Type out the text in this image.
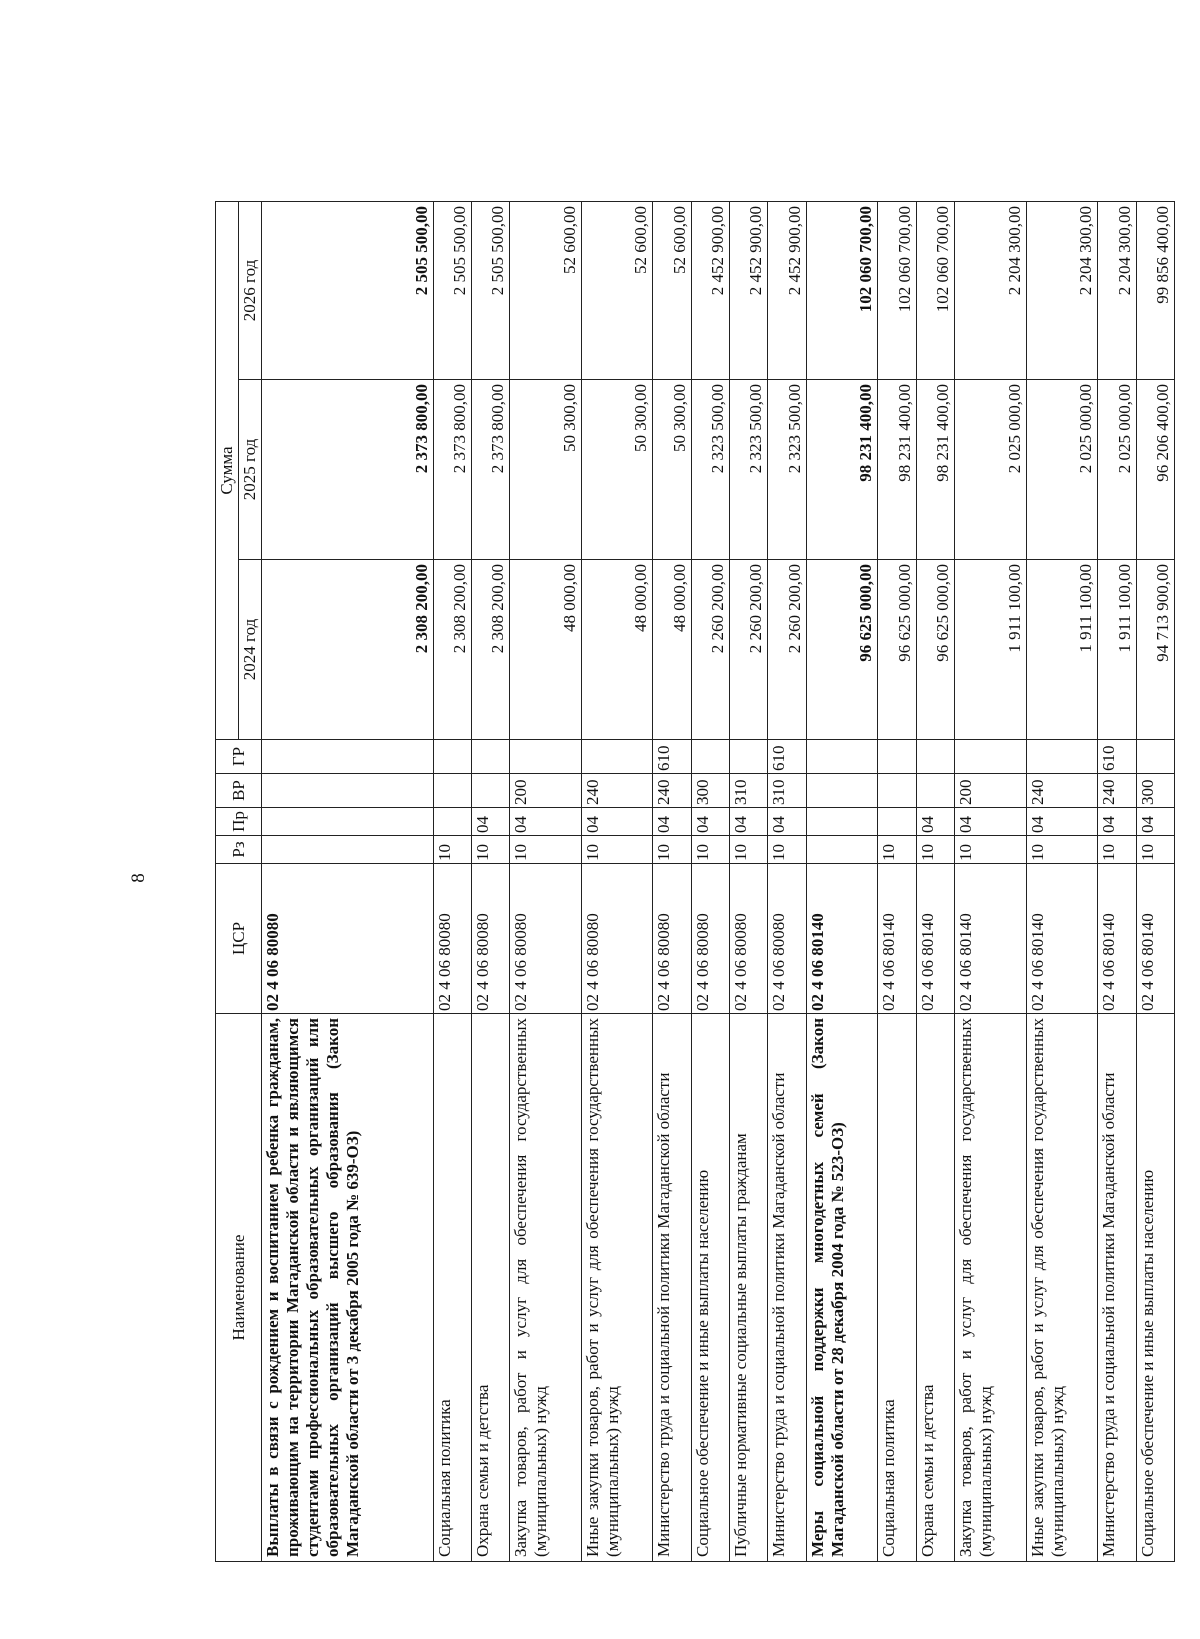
8
Наименование	ЦСР	Рз	Пр	ВР	ГР	Сумма		
						2024 год	2025 год	2026 год
Выплаты в связи с рождением и воспитанием ребенка гражданам, проживающим на территории Магаданской области и являющимся студентами профессиональных образовательных организаций или образовательных организаций высшего образования (Закон Магаданской области от 3 декабря 2005 года № 639-ОЗ)	02 4 06 80080					2 308 200,00	2 373 800,00	2 505 500,00
Социальная политика	02 4 06 80080	10				2 308 200,00	2 373 800,00	2 505 500,00
Охрана семьи и детства	02 4 06 80080	10	04			2 308 200,00	2 373 800,00	2 505 500,00
Закупка товаров, работ и услуг для обеспечения государственных (муниципальных) нужд	02 4 06 80080	10	04	200		48 000,00	50 300,00	52 600,00
Иные закупки товаров, работ и услуг для обеспечения государственных (муниципальных) нужд	02 4 06 80080	10	04	240		48 000,00	50 300,00	52 600,00
Министерство труда и социальной политики Магаданской области	02 4 06 80080	10	04	240	610	48 000,00	50 300,00	52 600,00
Социальное обеспечение и иные выплаты населению	02 4 06 80080	10	04	300		2 260 200,00	2 323 500,00	2 452 900,00
Публичные нормативные социальные выплаты гражданам	02 4 06 80080	10	04	310		2 260 200,00	2 323 500,00	2 452 900,00
Министерство труда и социальной политики Магаданской области	02 4 06 80080	10	04	310	610	2 260 200,00	2 323 500,00	2 452 900,00
Меры социальной поддержки многодетных семей (Закон Магаданской области от 28 декабря 2004 года № 523-ОЗ)	02 4 06 80140					96 625 000,00	98 231 400,00	102 060 700,00
Социальная политика	02 4 06 80140	10				96 625 000,00	98 231 400,00	102 060 700,00
Охрана семьи и детства	02 4 06 80140	10	04			96 625 000,00	98 231 400,00	102 060 700,00
Закупка товаров, работ и услуг для обеспечения государственных (муниципальных) нужд	02 4 06 80140	10	04	200		1 911 100,00	2 025 000,00	2 204 300,00
Иные закупки товаров, работ и услуг для обеспечения государственных (муниципальных) нужд	02 4 06 80140	10	04	240		1 911 100,00	2 025 000,00	2 204 300,00
Министерство труда и социальной политики Магаданской области	02 4 06 80140	10	04	240	610	1 911 100,00	2 025 000,00	2 204 300,00
Социальное обеспечение и иные выплаты населению	02 4 06 80140	10	04	300		94 713 900,00	96 206 400,00	99 856 400,00
